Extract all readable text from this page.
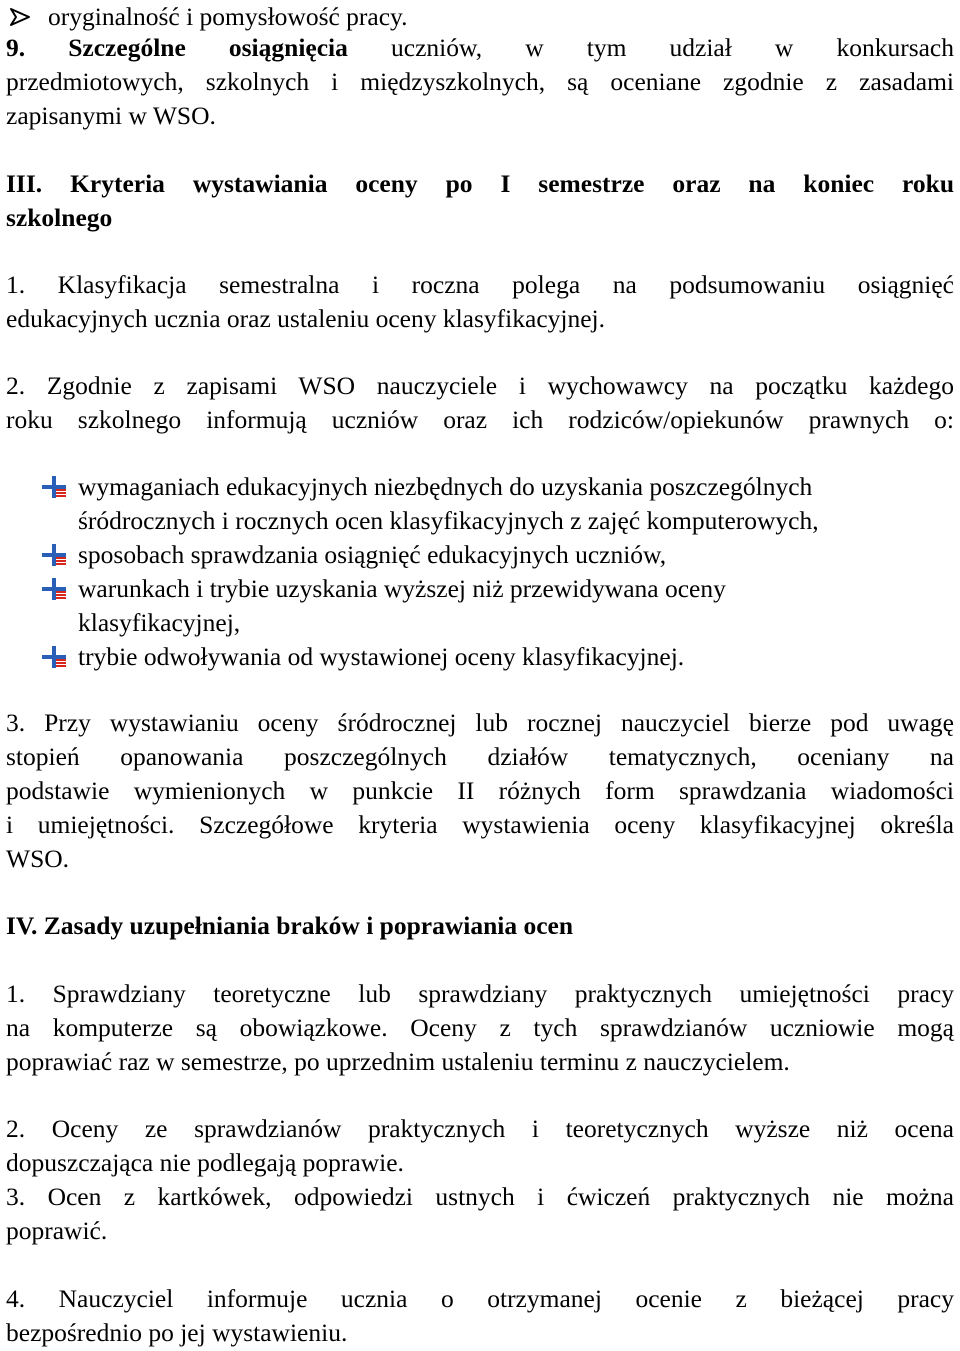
oryginalność i pomysłowość pracy.
9. Szczególne osiągnięcia uczniów, w tym udział w konkursach
przedmiotowych, szkolnych i międzyszkolnych, są oceniane zgodnie z zasadami
zapisanymi w WSO.
III. Kryteria wystawiania oceny po I semestrze oraz na koniec roku
szkolnego
1. Klasyfikacja semestralna i roczna polega na podsumowaniu osiągnięć
edukacyjnych ucznia oraz ustaleniu oceny klasyfikacyjnej.
2. Zgodnie z zapisami WSO nauczyciele i wychowawcy na początku każdego
roku szkolnego informują uczniów oraz ich rodziców/opiekunów prawnych o:
wymaganiach edukacyjnych niezbędnych do uzyskania poszczególnych
śródrocznych i rocznych ocen klasyfikacyjnych z zajęć komputerowych,
sposobach sprawdzania osiągnięć edukacyjnych uczniów,
warunkach i trybie uzyskania wyższej niż przewidywana oceny
klasyfikacyjnej,
trybie odwoływania od wystawionej oceny klasyfikacyjnej.
3. Przy wystawianiu oceny śródrocznej lub rocznej nauczyciel bierze pod uwagę
stopień opanowania poszczególnych działów tematycznych, oceniany na
podstawie wymienionych w punkcie II różnych form sprawdzania wiadomości
i umiejętności. Szczegółowe kryteria wystawienia oceny klasyfikacyjnej określa
WSO.
IV. Zasady uzupełniania braków i poprawiania ocen
1. Sprawdziany teoretyczne lub sprawdziany praktycznych umiejętności pracy
na komputerze są obowiązkowe. Oceny z tych sprawdzianów uczniowie mogą
poprawiać raz w semestrze, po uprzednim ustaleniu terminu z nauczycielem.
2. Oceny ze sprawdzianów praktycznych i teoretycznych wyższe niż ocena
dopuszczająca nie podlegają poprawie.
3. Ocen z kartkówek, odpowiedzi ustnych i ćwiczeń praktycznych nie można
poprawić.
4. Nauczyciel informuje ucznia o otrzymanej ocenie z bieżącej pracy
bezpośrednio po jej wystawieniu.
